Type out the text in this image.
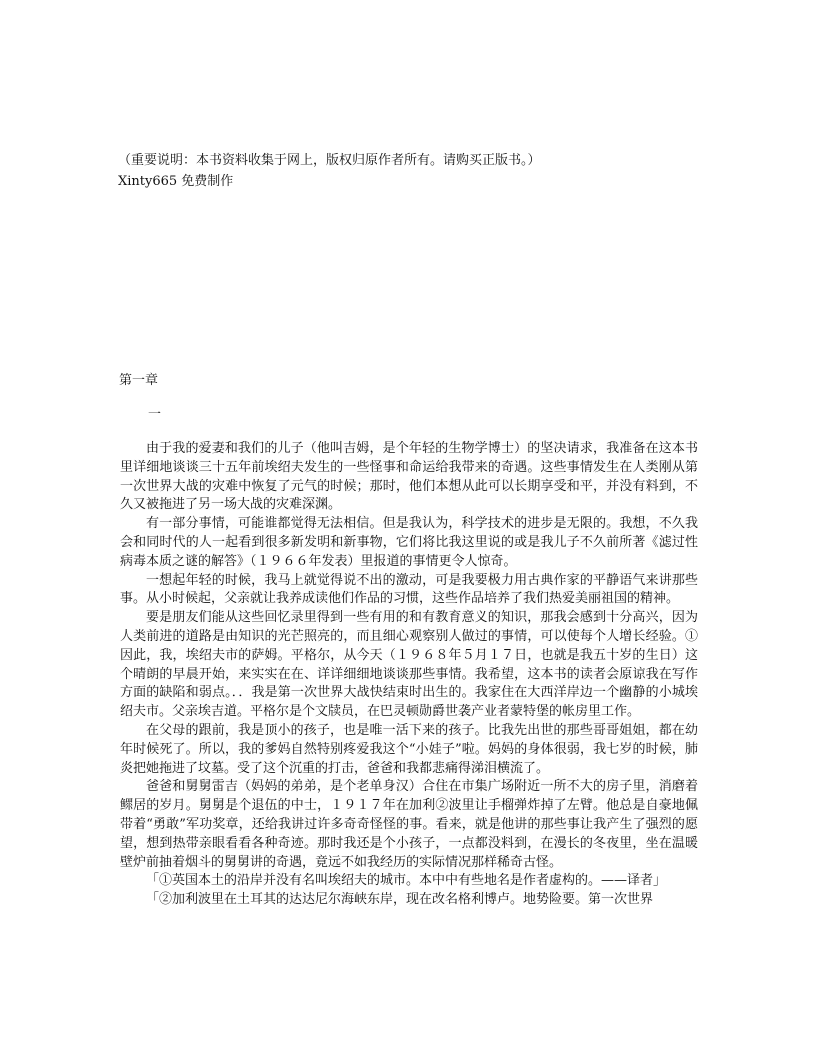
（重要说明：本书资料收集于网上，版权归原作者所有。请购买正版书。）
Xinty665 免费制作
第一章
一

由于我的爱妻和我们的儿子（他叫吉姆，是个年轻的生物学博士）的坚决请求，我准备在这本书里详细地谈谈三十五年前埃绍夫发生的一些怪事和命运给我带来的奇遇。这些事情发生在人类刚从第一次世界大战的灾难中恢复了元气的时候；那时，他们本想从此可以长期享受和平，并没有料到，不久又被拖进了另一场大战的灾难深渊。

有一部分事情，可能谁都觉得无法相信。但是我认为，科学技术的进步是无限的。我想，不久我会和同时代的人一起看到很多新发明和新事物，它们将比我这里说的或是我儿子不久前所著《滤过性病毒本质之谜的解答》（１９６６年发表）里报道的事情更令人惊奇。

一想起年轻的时候，我马上就觉得说不出的激动，可是我要极力用古典作家的平静语气来讲那些事。从小时候起，父亲就让我养成读他们作品的习惯，这些作品培养了我们热爱美丽祖国的精神。

要是朋友们能从这些回忆录里得到一些有用的和有教育意义的知识，那我会感到十分高兴，因为人类前进的道路是由知识的光芒照亮的，而且细心观察别人做过的事情，可以使每个人增长经验。①因此，我，埃绍夫市的萨姆。平格尔，从今天（１９６８年５月１７日，也就是我五十岁的生日）这个晴朗的早晨开始，来实实在在、详详细细地谈谈那些事情。我希望，这本书的读者会原谅我在写作方面的缺陷和弱点。．．我是第一次世界大战快结束时出生的。我家住在大西洋岸边一个幽静的小城埃绍夫市。父亲埃吉道。平格尔是个文牍员，在巴灵顿勋爵世袭产业者蒙特堡的帐房里工作。

在父母的跟前，我是顶小的孩子，也是唯一活下来的孩子。比我先出世的那些哥哥姐姐，都在幼年时候死了。所以，我的爹妈自然特别疼爱我这个“小娃子”啦。妈妈的身体很弱，我七岁的时候，肺炎把她拖进了坟墓。受了这个沉重的打击，爸爸和我都悲痛得涕泪横流了。

爸爸和舅舅雷吉（妈妈的弟弟，是个老单身汉）合住在市集广场附近一所不大的房子里，消磨着鳏居的岁月。舅舅是个退伍的中士，１９１７年在加利②波里让手榴弹炸掉了左臂。他总是自豪地佩带着“勇敢”军功奖章，还给我讲过许多奇奇怪怪的事。看来，就是他讲的那些事让我产生了强烈的愿望，想到热带亲眼看看各种奇迹。那时我还是个小孩子，一点都没料到，在漫长的冬夜里，坐在温暖壁炉前抽着烟斗的舅舅讲的奇遇，竟远不如我经历的实际情况那样稀奇古怪。

「①英国本土的沿岸并没有名叫埃绍夫的城市。本中中有些地名是作者虚构的。——译者」

「②加利波里在土耳其的达达尼尔海峡东岸，现在改名格利博卢。地势险要。第一次世界
